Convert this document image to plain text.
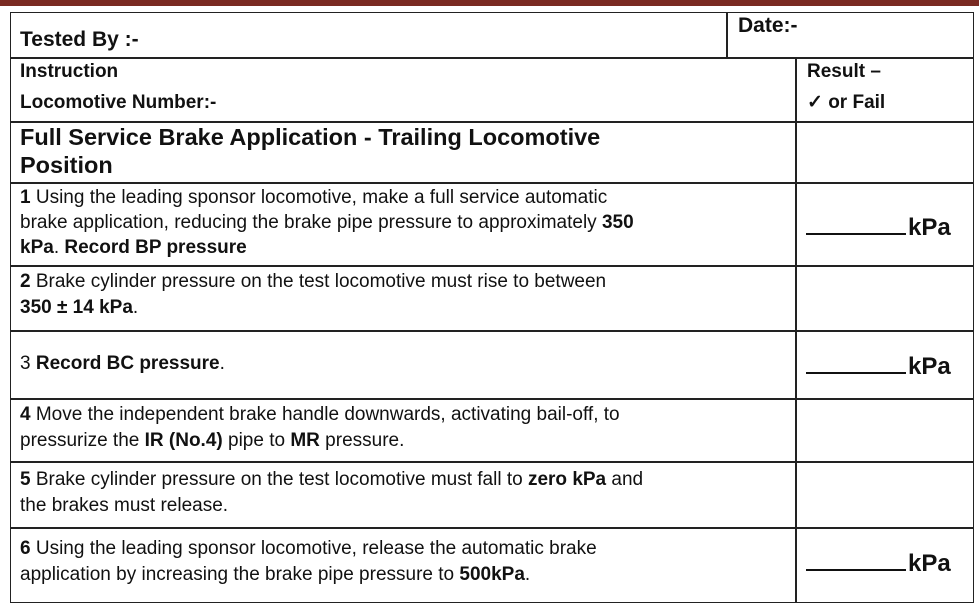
Tested By :-
Date:-
Instruction
Locomotive Number:-
Result –
✓ or Fail
Full Service Brake Application - Trailing Locomotive
Position
1 Using the leading sponsor locomotive, make a full service automatic
brake application, reducing the brake pipe pressure to approximately 350
kPa. Record BP pressure
kPa
2 Brake cylinder pressure on the test locomotive must rise to between
350 ± 14 kPa.
3 Record BC pressure.	kPa
4 Move the independent brake handle downwards, activating bail-off, to
pressurize the IR (No.4) pipe to MR pressure.
5 Brake cylinder pressure on the test locomotive must fall to zero kPa and
the brakes must release.
6 Using the leading sponsor locomotive, release the automatic brake
application by increasing the brake pipe pressure to 500kPa.	kPa
